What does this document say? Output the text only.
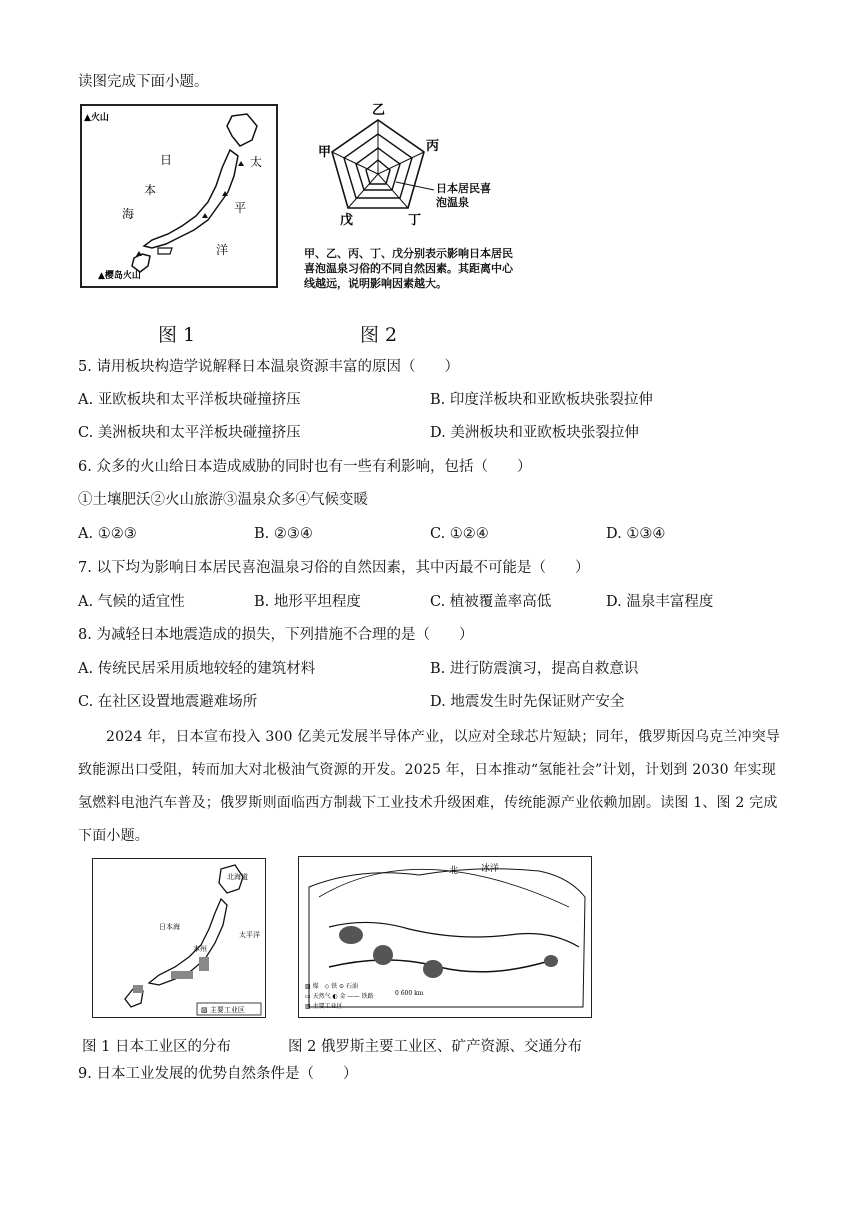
读图完成下面小题。
▲火山
日
本
海
太
平
洋
▲樱岛火山
图 1
乙
丙
甲
戊	丁
日本居民喜泡温泉
甲、乙、丙、丁、戊分别表示影响日本居民喜泡温泉习俗的不同自然因素。其距离中心线越远，说明影响因素越大。
图 2
5. 请用板块构造学说解释日本温泉资源丰富的原因（　　）
A. 亚欧板块和太平洋板块碰撞挤压	B. 印度洋板块和亚欧板块张裂拉伸
C. 美洲板块和太平洋板块碰撞挤压	D. 美洲板块和亚欧板块张裂拉伸
6. 众多的火山给日本造成威胁的同时也有一些有利影响，包括（　　）
①土壤肥沃②火山旅游③温泉众多④气候变暖
A. ①②③	B. ②③④	C. ①②④	D. ①③④
7. 以下均为影响日本居民喜泡温泉习俗的自然因素，其中丙最不可能是（　　）
A. 气候的适宜性	B. 地形平坦程度	C. 植被覆盖率高低	D. 温泉丰富程度
8. 为减轻日本地震造成的损失，下列措施不合理的是（　　）
A. 传统民居采用质地较轻的建筑材料	B. 进行防震演习，提高自救意识
C. 在社区设置地震避难场所	D. 地震发生时先保证财产安全
2024 年，日本宣布投入 300 亿美元发展半导体产业，以应对全球芯片短缺；同年，俄罗斯因乌克兰冲突导致能源出口受阻，转而加大对北极油气资源的开发。2025 年，日本推动“氢能社会”计划，计划到 2030 年实现氢燃料电池汽车普及；俄罗斯则面临西方制裁下工业技术升级困难，传统能源产业依赖加剧。读图 1、图 2 完成下面小题。
北海道
日本海
太平洋
本州
▨ 主要工业区
图 1 日本工业区的分布
北	冰洋
▨ 煤　◇ 铁 ⊙ 石油
▭ 天然气 ◐ 金 —— 铁路
▧ 主要工业区
0 600 km
图 2 俄罗斯主要工业区、矿产资源、交通分布
9. 日本工业发展的优势自然条件是（　　）
